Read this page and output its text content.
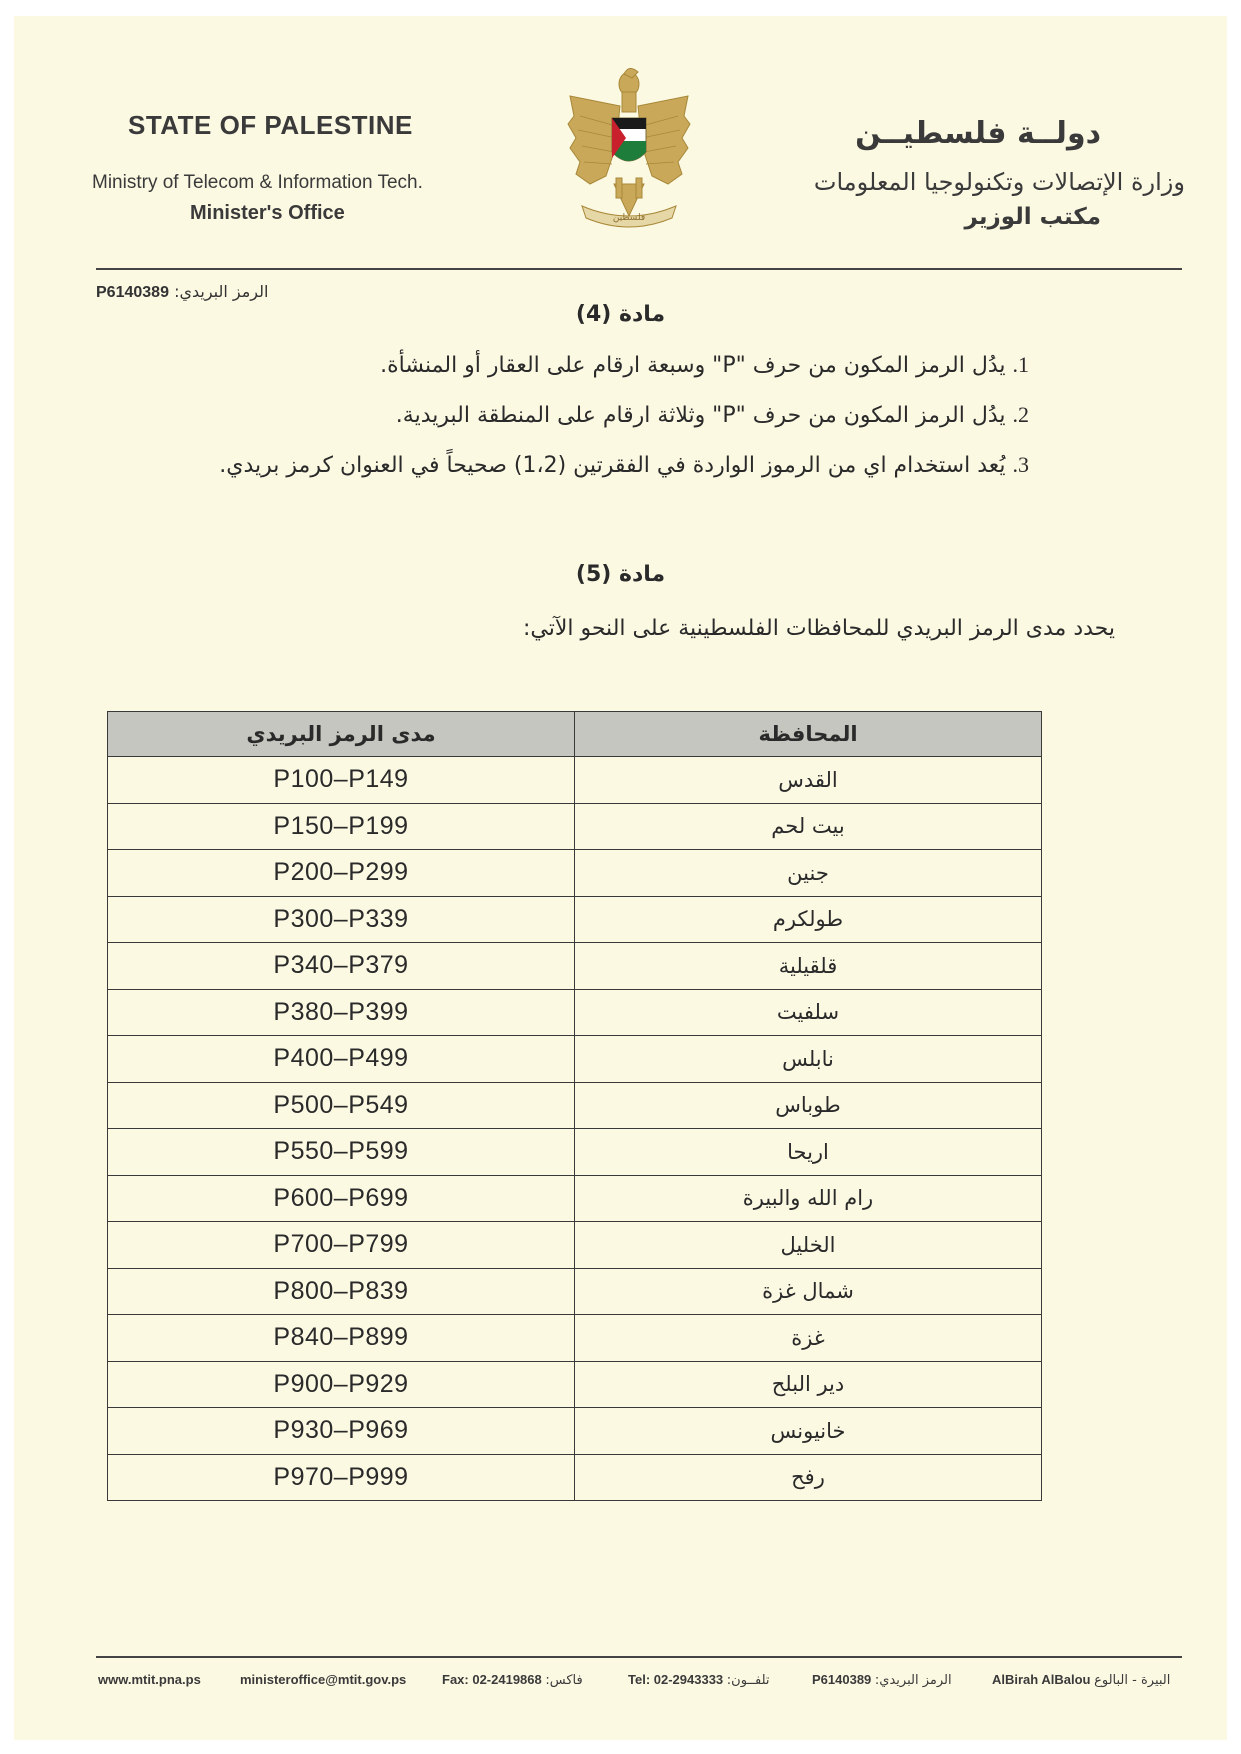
STATE OF PALESTINE
Ministry of Telecom & Information Tech.
Minister's Office	فلسطين
دولــة فلسطيــن
وزارة الإتصالات وتكنولوجيا المعلومات
مكتب الوزير
الرمز البريدي: P6140389
مادة (4)
1. يدُل الرمز المكون من حرف "P" وسبعة ارقام على العقار أو المنشأة.
2. يدُل الرمز المكون من حرف "P" وثلاثة ارقام على المنطقة البريدية.
3. يُعد استخدام اي من الرموز الواردة في الفقرتين (1،2) صحيحاً في العنوان كرمز بريدي.
مادة (5)
يحدد مدى الرمز البريدي للمحافظات الفلسطينية على النحو الآتي:
مدى الرمز البريدي	المحافظة
P100–P149	القدس
P150–P199	بيت لحم
P200–P299	جنين
P300–P339	طولكرم
P340–P379	قلقيلية
P380–P399	سلفيت
P400–P499	نابلس
P500–P549	طوباس
P550–P599	اريحا
P600–P699	رام الله والبيرة
P700–P799	الخليل
P800–P839	شمال غزة
P840–P899	غزة
P900–P929	دير البلح
P930–P969	خانيونس
P970–P999	رفح
www.mtit.pna.ps	ministeroffice@mtit.gov.ps	Fax: 02-2419868 فاكس:	Tel: 02-2943333 تلفــون:	P6140389 الرمز البريدي:	AlBirah AlBalou البيرة - البالوع
